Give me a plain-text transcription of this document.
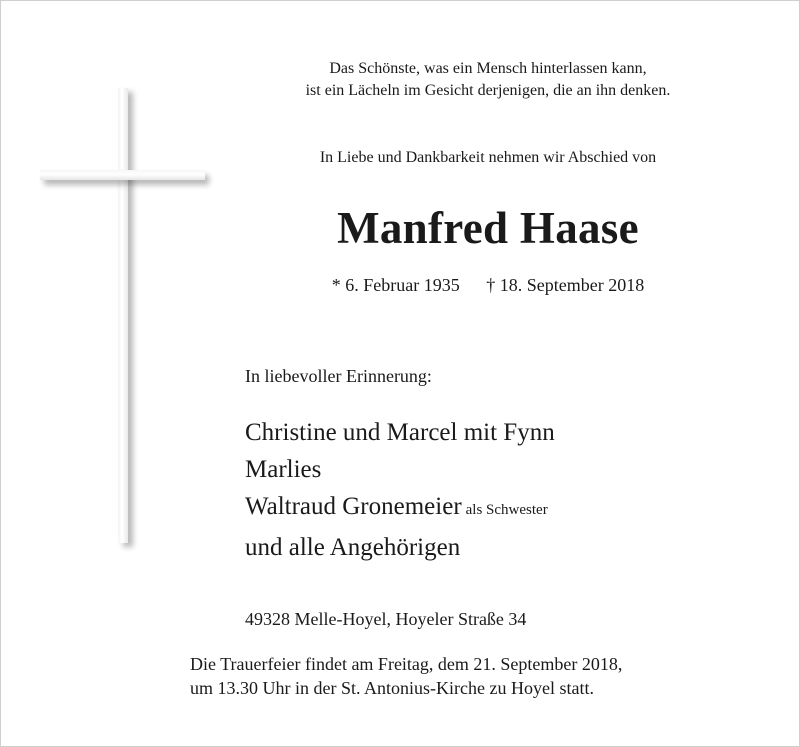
Das Schönste, was ein Mensch hinterlassen kann,
ist ein Lächeln im Gesicht derjenigen, die an ihn denken.
In Liebe und Dankbarkeit nehmen wir Abschied von
Manfred Haase
* 6. Februar 1935 † 18. September 2018
In liebevoller Erinnerung:
Christine und Marcel mit Fynn
Marlies
Waltraud Gronemeier als Schwester
und alle Angehörigen
49328 Melle-Hoyel, Hoyeler Straße 34
Die Trauerfeier findet am Freitag, dem 21. September 2018,
um 13.30 Uhr in der St. Antonius-Kirche zu Hoyel statt.
